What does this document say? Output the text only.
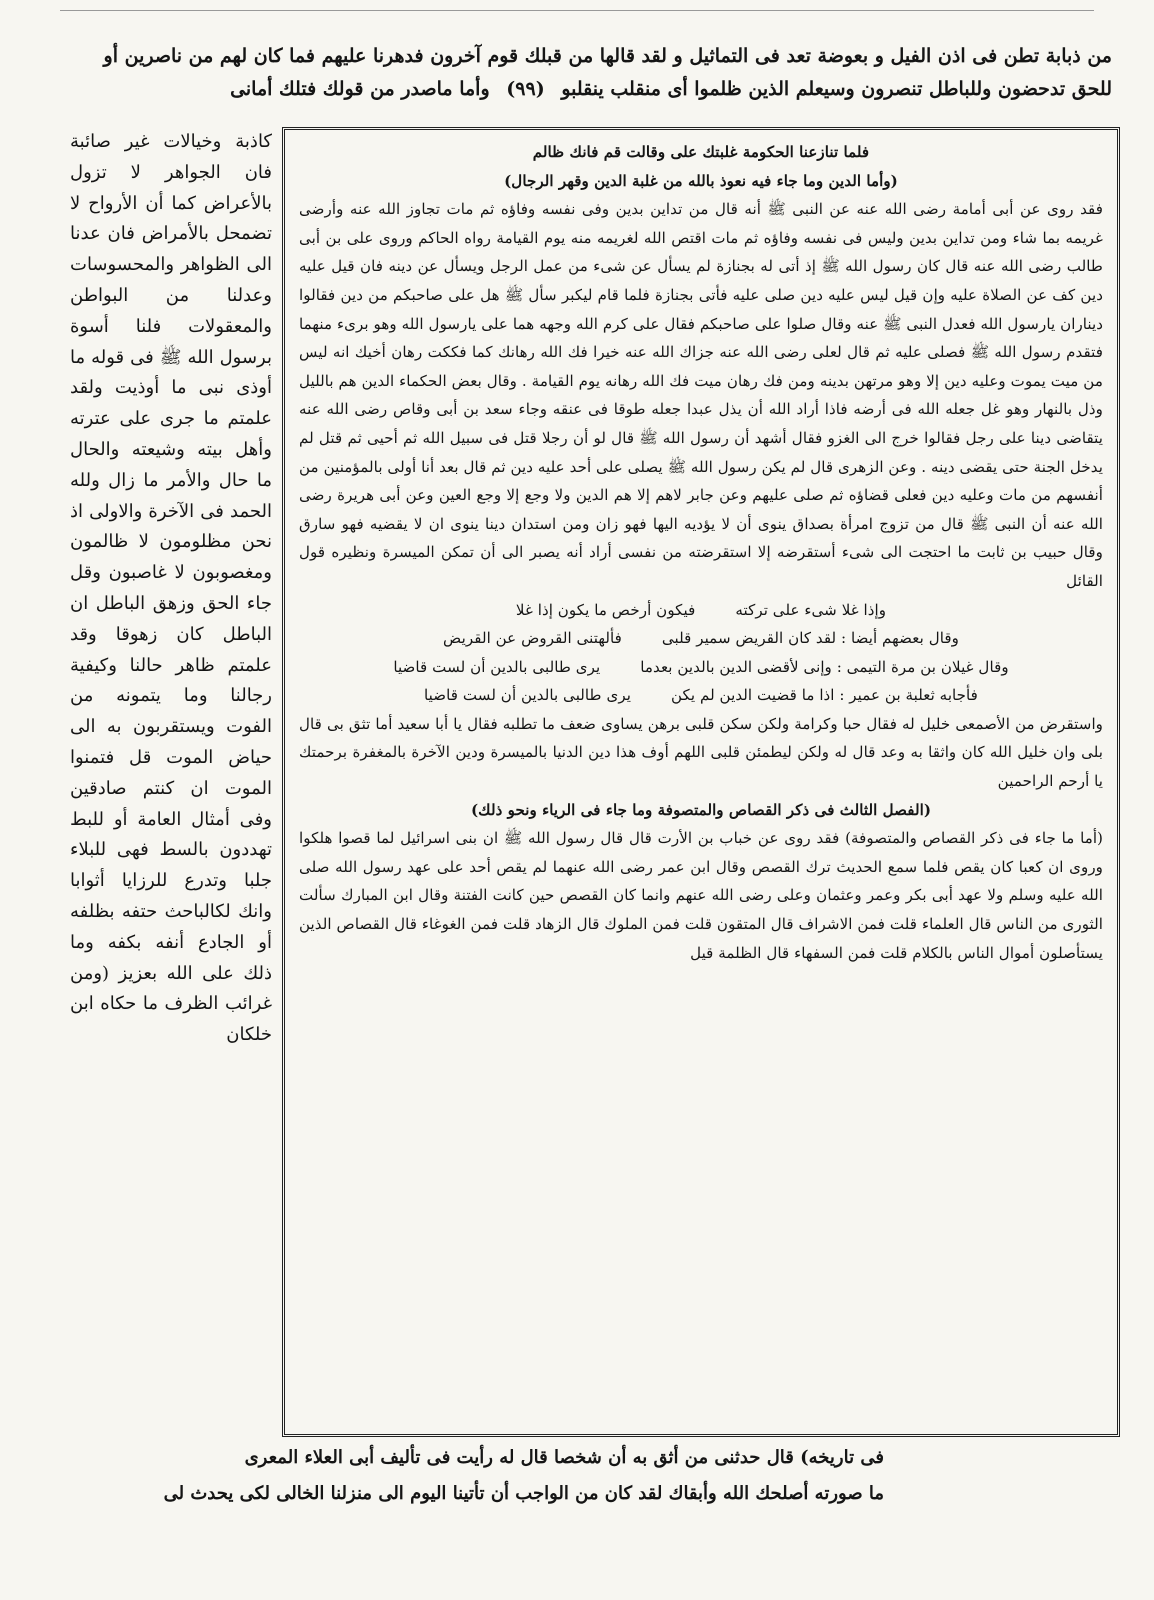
من ذبابة تطن فى اذن الفيل و بعوضة تعد فى التماثيل و لقد قالها من قبلك قوم آخرون فدهرنا عليهم فما كان لهم من ناصرين أو
للحق تدحضون وللباطل تنصرون وسيعلم الذين ظلموا أى منقلب ينقلبو (٩٩) وأما ماصدر من قولك فتلك أمانى

فلما تنازعنا الحكومة غلبتك على وقالت قم فانك ظالم

(وأما الدين وما جاء فيه نعوذ بالله من غلبة الدين وقهر الرجال)

فقد روى عن أبى أمامة رضى الله عنه عن النبى ﷺ أنه قال من تداين بدين وفى نفسه وفاؤه ثم مات تجاوز الله عنه وأرضى غريمه بما شاء ومن تداين بدين وليس فى نفسه وفاؤه ثم مات اقتص الله لغريمه منه يوم القيامة رواه الحاكم وروى على بن أبى طالب رضى الله عنه قال كان رسول الله ﷺ إذ أتى له بجنازة لم يسأل عن شىء من عمل الرجل ويسأل عن دينه فان قيل عليه دين كف عن الصلاة عليه وإن قيل ليس عليه دين صلى عليه فأتى بجنازة فلما قام ليكبر سأل ﷺ هل على صاحبكم من دين فقالوا ديناران يارسول الله فعدل النبى ﷺ عنه وقال صلوا على صاحبكم فقال على كرم الله وجهه هما على يارسول الله وهو برىء منهما فتقدم رسول الله ﷺ فصلى عليه ثم قال لعلى رضى الله عنه جزاك الله عنه خيرا فك الله رهانك كما فككت رهان أخيك انه ليس من ميت يموت وعليه دين إلا وهو مرتهن بدينه ومن فك رهان ميت فك الله رهانه يوم القيامة . وقال بعض الحكماء الدين هم بالليل وذل بالنهار وهو غل جعله الله فى أرضه فاذا أراد الله أن يذل عبدا جعله طوقا فى عنقه وجاء سعد بن أبى وقاص رضى الله عنه يتقاضى دينا على رجل فقالوا خرج الى الغزو فقال أشهد أن رسول الله ﷺ قال لو أن رجلا قتل فى سبيل الله ثم أحيى ثم قتل لم يدخل الجنة حتى يقضى دينه . وعن الزهرى قال لم يكن رسول الله ﷺ يصلى على أحد عليه دين ثم قال بعد أنا أولى بالمؤمنين من أنفسهم من مات وعليه دين فعلى قضاؤه ثم صلى عليهم وعن جابر لاهم إلا هم الدين ولا وجع إلا وجع العين وعن أبى هريرة رضى الله عنه أن النبى ﷺ قال من تزوج امرأة بصداق ينوى أن لا يؤديه اليها فهو زان ومن استدان دينا ينوى ان لا يقضيه فهو سارق وقال حبيب بن ثابت ما احتجت الى شىء أستقرضه إلا استقرضته من نفسى أراد أنه يصبر الى أن تمكن الميسرة ونظيره قول القائل

وإذا غلا شىء على تركته
فيكون أرخص ما يكون إذا غلا
وقال بعضهم أيضا : لقد كان القريض سمير قلبى
فألهتنى القروض عن القريض
وقال غيلان بن مرة التيمى : وإنى لأقضى الدين بالدين بعدما
يرى طالبى بالدين أن لست قاضيا
فأجابه ثعلبة بن عمير : اذا ما قضيت الدين لم يكن
يرى طالبى بالدين أن لست قاضيا

واستقرض من الأصمعى خليل له فقال حبا وكرامة ولكن سكن قلبى برهن يساوى ضعف ما تطلبه فقال يا أبا سعيد أما تثق بى قال بلى وان خليل الله كان واثقا به وعد قال له ولكن ليطمئن قلبى اللهم أوف هذا دين الدنيا بالميسرة ودين الآخرة بالمغفرة برحمتك يا أرحم الراحمين

(الفصل الثالث فى ذكر القصاص والمتصوفة وما جاء فى الرياء ونحو ذلك)

(أما ما جاء فى ذكر القصاص والمتصوفة) فقد روى عن خباب بن الأرت قال قال رسول الله ﷺ ان بنى اسرائيل لما قصوا هلكوا وروى ان كعبا كان يقص فلما سمع الحديث ترك القصص وقال ابن عمر رضى الله عنهما لم يقص أحد على عهد رسول الله صلى الله عليه وسلم ولا عهد أبى بكر وعمر وعثمان وعلى رضى الله عنهم وانما كان القصص حين كانت الفتنة وقال ابن المبارك سألت الثورى من الناس قال العلماء قلت فمن الاشراف قال المتقون قلت فمن الملوك قال الزهاد قلت فمن الغوغاء قال القصاص الذين يستأصلون أموال الناس بالكلام قلت فمن السفهاء قال الظلمة قيل

كاذبة وخيالات غير صائبة فان الجواهر لا تزول بالأعراض كما أن الأرواح لا تضمحل بالأمراض فان عدنا الى الظواهر والمحسوسات وعدلنا من البواطن والمعقولات فلنا أسوة برسول الله ﷺ فى قوله ما أوذى نبى ما أوذيت ولقد علمتم ما جرى على عترته وأهل بيته وشيعته والحال ما حال والأمر ما زال ولله الحمد فى الآخرة والاولى اذ نحن مظلومون لا ظالمون ومغصوبون لا غاصبون وقل جاء الحق وزهق الباطل ان الباطل كان زهوقا وقد علمتم ظاهر حالنا وكيفية رجالنا وما يتمونه من الفوت ويستقربون به الى حياض الموت قل فتمنوا الموت ان كنتم صادقين وفى أمثال العامة أو للبط تهددون بالسط فهى للبلاء جلبا وتدرع للرزايا أثوابا وانك لكالباحث حتفه بظلفه أو الجادع أنفه بكفه وما ذلك على الله بعزيز (ومن غرائب الظرف ما حكاه ابن خلكان

فى تاريخه) قال حدثنى من أثق به أن شخصا قال له رأيت فى تأليف أبى العلاء المعرى
ما صورته أصلحك الله وأبقاك لقد كان من الواجب أن تأتينا اليوم الى منزلنا الخالى لكى يحدث لى
